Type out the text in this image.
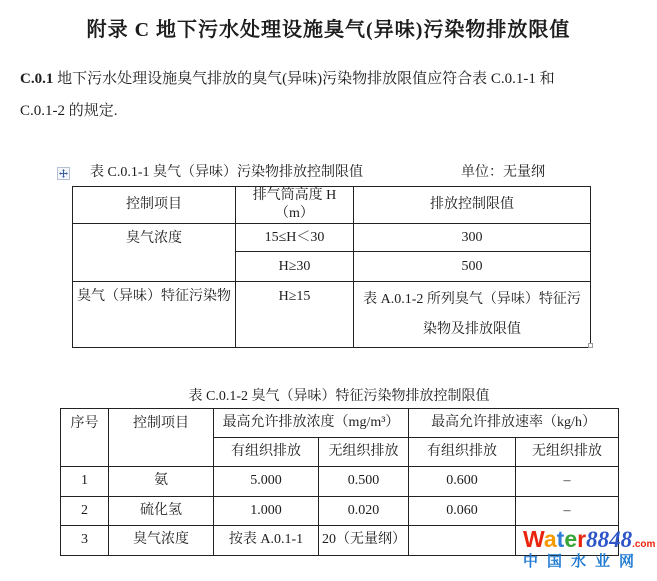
附录 C 地下污水处理设施臭气(异味)污染物排放限值
C.0.1 地下污水处理设施臭气排放的臭气(异味)污染物排放限值应符合表 C.0.1-1 和
C.0.1-2 的规定.
表 C.0.1-1 臭气（异味）污染物排放控制限值	单位：无量纲
控制项目	排气筒高度 H（m）	排放控制限值
臭气浓度	15≤H＜30	300
	H≥30	500
臭气（异味）特征污染物	H≥15	表 A.0.1-2 所列臭气（异味）特征污染物及排放限值
表 C.0.1-2 臭气（异味）特征污染物排放控制限值
序号	控制项目	最高允许排放浓度（mg/m³）		最高允许排放速率（kg/h）	
		有组织排放	无组织排放	有组织排放	无组织排放
1	氨	5.000	0.500	0.600	–
2	硫化氢	1.000	0.020	0.060	–
3	臭气浓度	按表 A.0.1-1	20（无量纲）			Water8848.com
中国水业网
